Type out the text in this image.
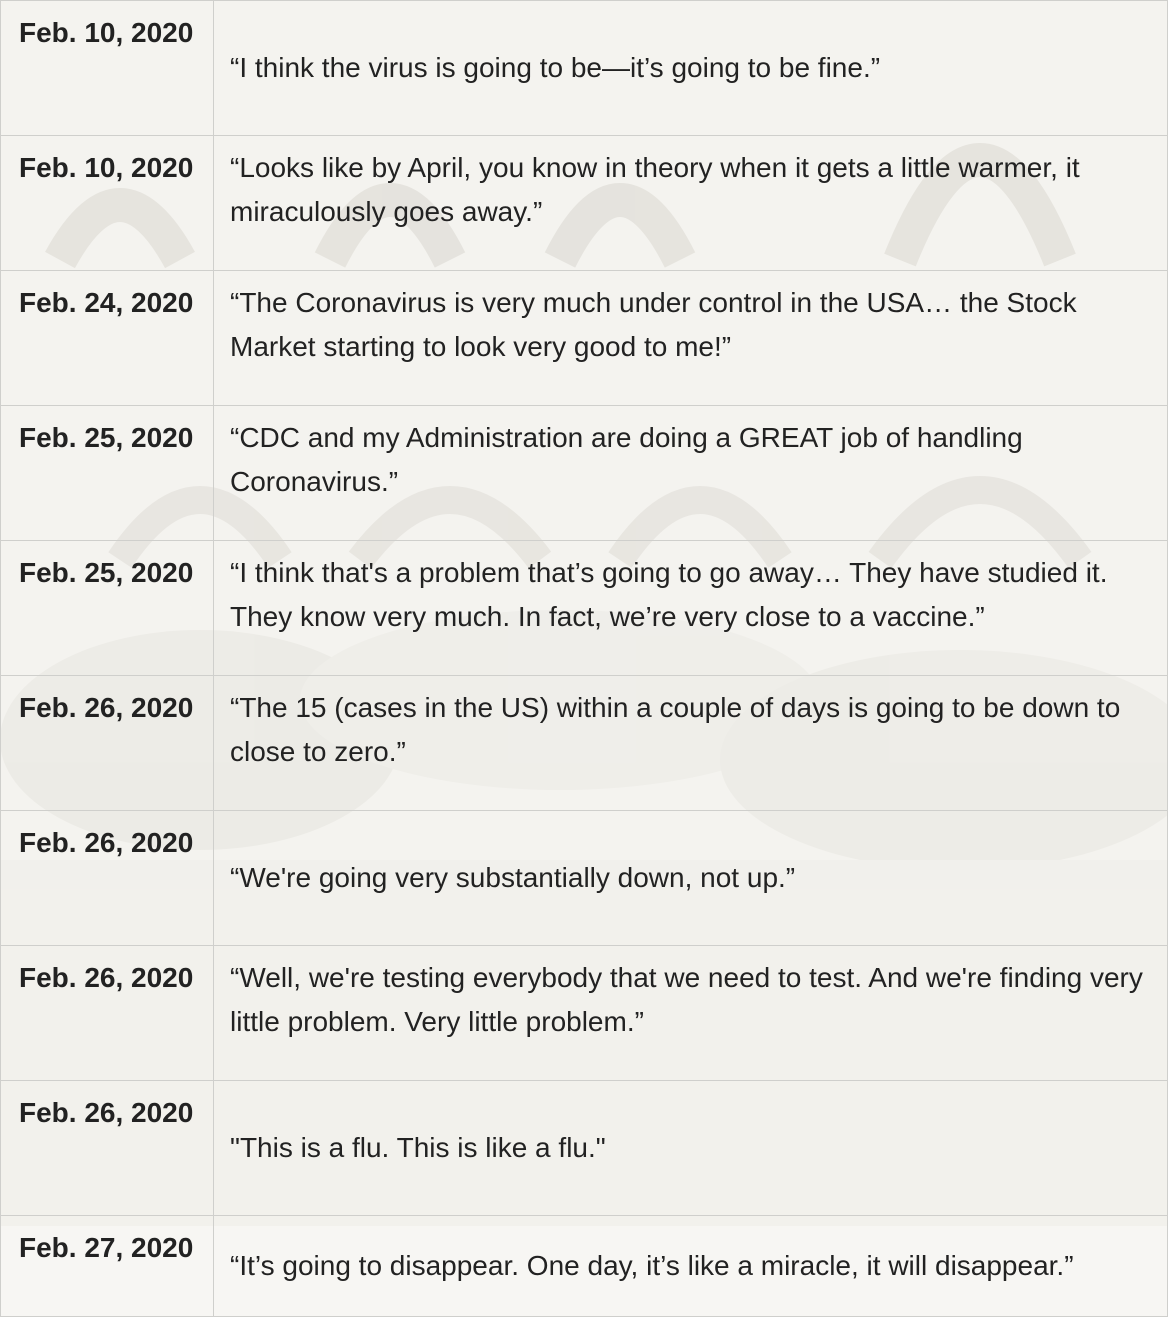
Feb. 10, 2020	“I think the virus is going to be—it’s going to be fine.”
Feb. 10, 2020	“Looks like by April, you know in theory when it gets a little warmer, it miraculously goes away.”
Feb. 24, 2020	“The Coronavirus is very much under control in the USA… the Stock Market starting to look very good to me!”
Feb. 25, 2020	“CDC and my Administration are doing a GREAT job of handling Coronavirus.”
Feb. 25, 2020	“I think that's a problem that’s going to go away… They have studied it. They know very much. In fact, we’re very close to a vaccine.”
Feb. 26, 2020	“The 15 (cases in the US) within a couple of days is going to be down to close to zero.”
Feb. 26, 2020	“We're going very substantially down, not up.”
Feb. 26, 2020	“Well, we're testing everybody that we need to test. And we're finding very little problem. Very little problem.”
Feb. 26, 2020	"This is a flu. This is like a flu."
Feb. 27, 2020	“It’s going to disappear. One day, it’s like a miracle, it will disappear.”
